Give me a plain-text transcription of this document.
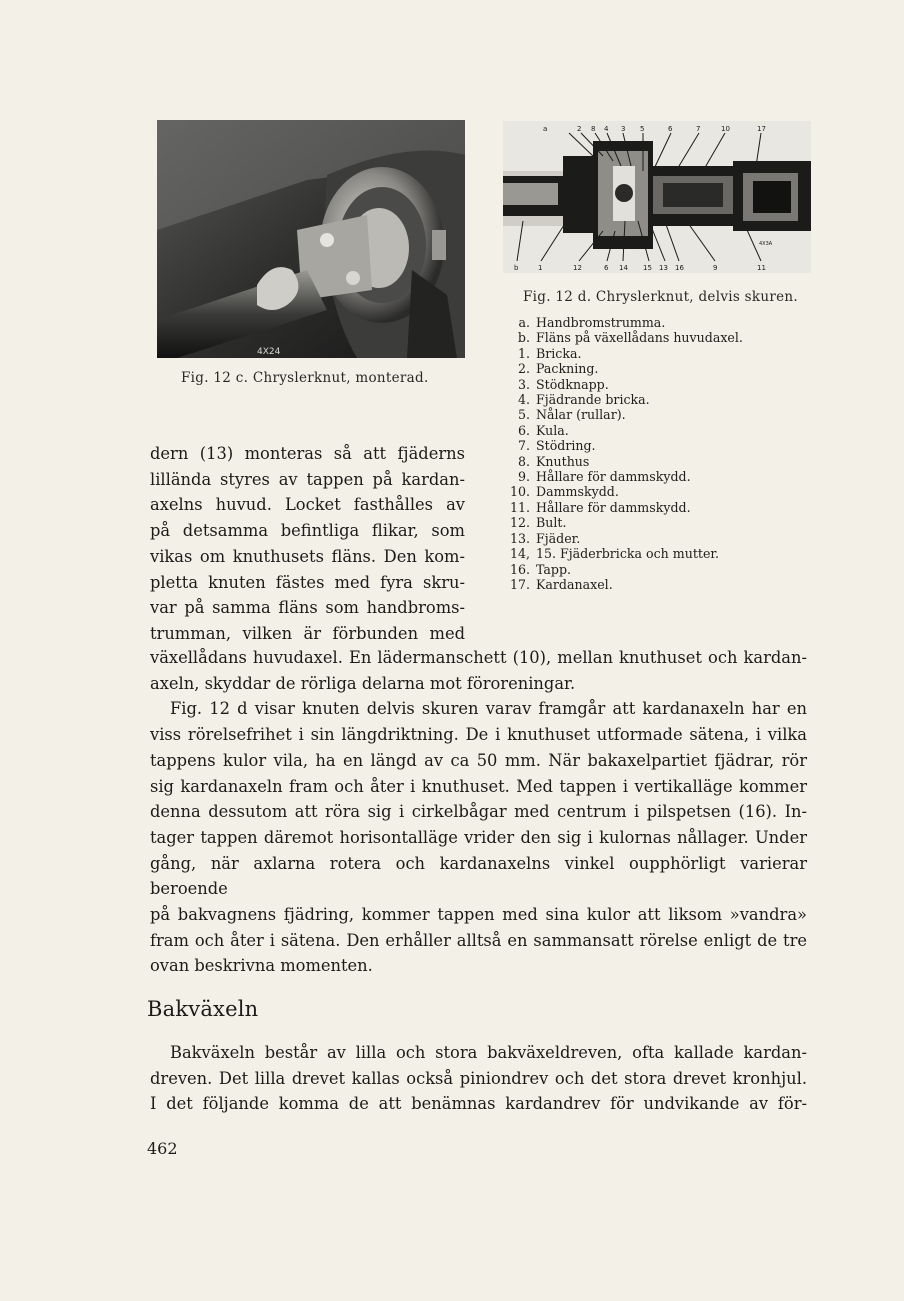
4X24
Fig. 12 c. Chryslerknut, monterad.
a	2 8 4 3 5	6	7	10	17
b	1	12	6 14 15 13 16	9	11
4X3A
Fig. 12 d. Chryslerknut, delvis skuren.
a. Handbromstrumma.
b. Fläns på växellådans huvudaxel.
1. Bricka.
2. Packning.
3. Stödknapp.
4. Fjädrande bricka.
5. Nålar (rullar).
6. Kula.
7. Stödring.
8. Knuthus
9. Hållare för dammskydd.
10. Dammskydd.
11. Hållare för dammskydd.
12. Bult.
13. Fjäder.
14, 15. Fjäderbricka och mutter.
16. Tapp.
17. Kardanaxel.

dern (13) monteras så att fjäderns

lilländа styres av tappen på kardan-

axelns huvud. Locket fasthålles av

på detsamma befintliga flikar, som

vikas om knuthusets fläns. Den kom-

pletta knuten fästes med fyra skru-

var på samma fläns som handbroms-

trumman, vilken är förbunden med

växellådans huvudaxel. En lädermanschett (10), mellan knuthuset och kardan-

axeln, skyddar de rörliga delarna mot föroreningar.

Fig. 12 d visar knuten delvis skuren varav framgår att kardanaxeln har en

viss rörelsefrihet i sin längdriktning. De i knuthuset utformade sätena, i vilka

tappens kulor vila, ha en längd av ca 50 mm. När bakaxelpartiet fjädrar, rör

sig kardanaxeln fram och åter i knuthuset. Med tappen i vertikalläge kommer

denna dessutom att röra sig i cirkelbågar med centrum i pilspetsen (16). In-

tager tappen däremot horisontalläge vrider den sig i kulornas nållager. Under

gång, när axlarna rotera och kardanaxelns vinkel oupphörligt varierar beroende

på bakvagnens fjädring, kommer tappen med sina kulor att liksom »vandra»

fram och åter i sätena. Den erhåller alltså en sammansatt rörelse enligt de tre

ovan beskrivna momenten.

Bakväxeln

Bakväxeln består av lilla och stora bakväxeldreven, ofta kallade kardan-

dreven. Det lilla drevet kallas också piniondrev och det stora drevet kronhjul.

I det följande komma de att benämnas kardandrev för undvikande av för-

462
